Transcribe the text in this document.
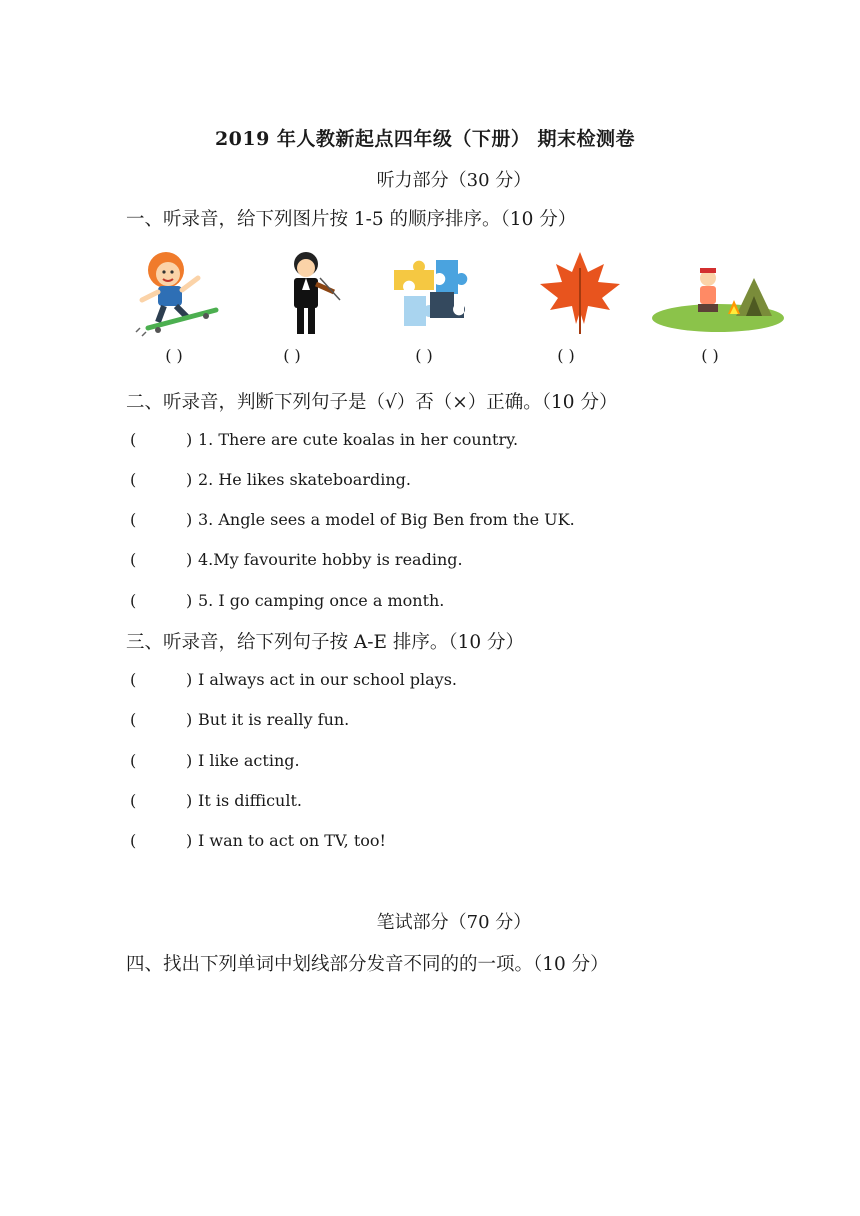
2019 年人教新起点四年级（下册） 期末检测卷
听力部分（30 分）
一、听录音，给下列图片按 1-5 的顺序排序。（10 分）
( )	( )	( )	( )	( )
二、听录音，判断下列句子是（√）否（×）正确。（10 分）
(	) 1. There are cute koalas in her country.
(	) 2. He likes skateboarding.
(	) 3. Angle sees a model of Big Ben from the UK.
(	) 4.My favourite hobby is reading.
(	) 5. I go camping once a month.
三、听录音，给下列句子按 A-E 排序。（10 分）
(	) I always act in our school plays.
(	) But it is really fun.
(	) I like acting.
(	) It is difficult.
(	) I wan to act on TV, too!
笔试部分（70 分）
四、找出下列单词中划线部分发音不同的的一项。（10 分）
